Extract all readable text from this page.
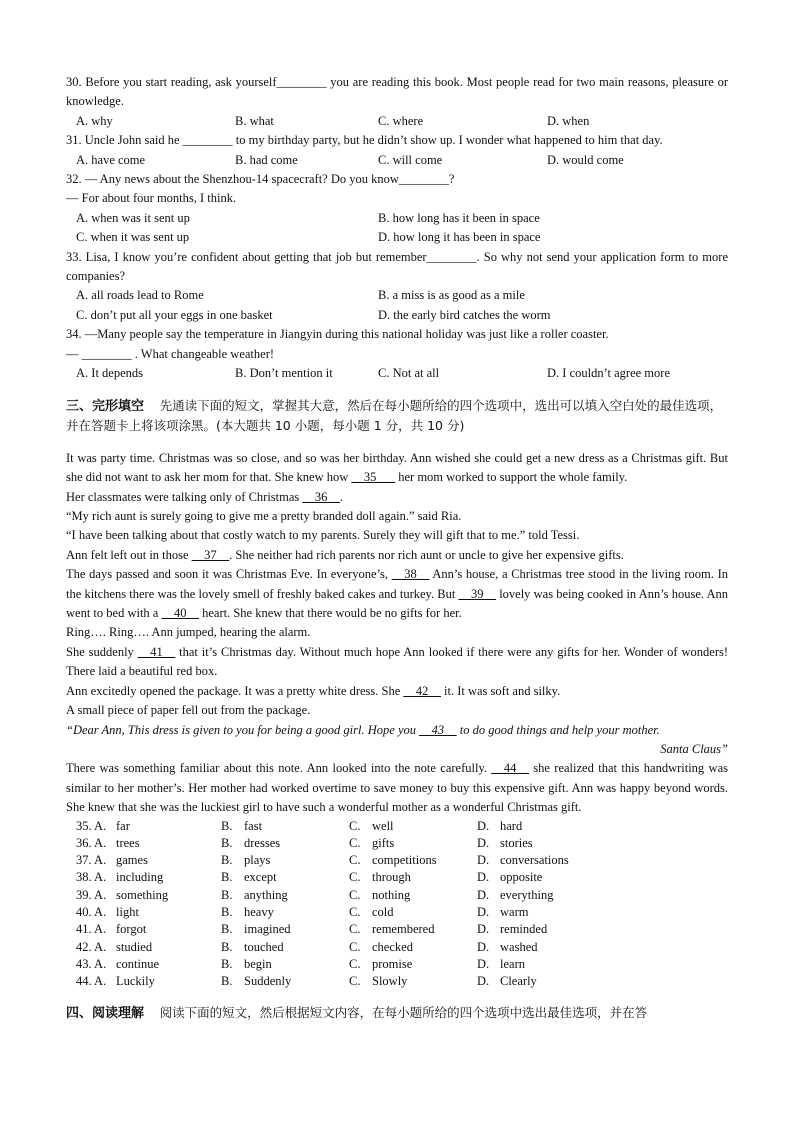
30. Before you start reading, ask yourself________ you are reading this book. Most people read for two main reasons, pleasure or knowledge.

A. why	B. what	C. where	D. when

31. Uncle John said he ________ to my birthday party, but he didn’t show up. I wonder what happened to him that day.

A. have come	B. had come	C. will come	D. would come

32. — Any news about the Shenzhou-14 spacecraft? Do you know________?

— For about four months, I think.

A. when was it sent up	B. how long has it been in space
C. when it was sent up	D. how long it has been in space

33. Lisa, I know you’re confident about getting that job but remember________. So why not send your application form to more companies?

A. all roads lead to Rome	B. a miss is as good as a mile
C. don’t put all your eggs in one basket	D. the early bird catches the worm

34. —Many people say the temperature in Jiangyin during this national holiday was just like a roller coaster.

— ________ . What changeable weather!

A. It depends	B. Don’t mention it	C. Not at all	D. I couldn’t agree more

三、完形填空 先通读下面的短文，掌握其大意，然后在每小题所给的四个选项中，选出可以填入空白处的最佳选项，并在答题卡上将该项涂黑。(本大题共 10 小题，每小题 1 分，共 10 分)

It was party time. Christmas was so close, and so was her birthday. Ann wished she could get a new dress as a Christmas gift. But she did not want to ask her mom for that. She knew how __35___ her mom worked to support the whole family.

Her classmates were talking only of Christmas __36__.

“My rich aunt is surely going to give me a pretty branded doll again.” said Ria.

“I have been talking about that costly watch to my parents. Surely they will gift that to me.” told Tessi.

Ann felt left out in those __37__. She neither had rich parents nor rich aunt or uncle to give her expensive gifts.

The days passed and soon it was Christmas Eve. In everyone’s, __38__ Ann’s house, a Christmas tree stood in the living room. In the kitchens there was the lovely smell of freshly baked cakes and turkey. But __39__ lovely was being cooked in Ann’s house. Ann went to bed with a __40__ heart. She knew that there would be no gifts for her.

Ring…. Ring…. Ann jumped, hearing the alarm.

She suddenly __41__ that it’s Christmas day. Without much hope Ann looked if there were any gifts for her. Wonder of wonders! There laid a beautiful red box.

Ann excitedly opened the package. It was a pretty white dress. She __42__ it. It was soft and silky.

A small piece of paper fell out from the package.

“Dear Ann, This dress is given to you for being a good girl. Hope you __43__ to do good things and help your mother.

Santa Claus”

There was something familiar about this note. Ann looked into the note carefully. __44__ she realized that this handwriting was similar to her mother’s. Her mother had worked overtime to save money to buy this expensive gift. Ann was happy beyond words. She knew that she was the luckiest girl to have such a wonderful mother as a wonderful Christmas gift.

35. A.	far	B.	fast	C.	well	D.	hard
36. A.	trees	B.	dresses	C.	gifts	D.	stories
37. A.	games	B.	plays	C.	competitions	D.	conversations
38. A.	including	B.	except	C.	through	D.	opposite
39. A.	something	B.	anything	C.	nothing	D.	everything
40. A.	light	B.	heavy	C.	cold	D.	warm
41. A.	forgot	B.	imagined	C.	remembered	D.	reminded
42. A.	studied	B.	touched	C.	checked	D.	washed
43. A.	continue	B.	begin	C.	promise	D.	learn
44. A.	Luckily	B.	Suddenly	C.	Slowly	D.	Clearly

四、阅读理解 阅读下面的短文，然后根据短文内容，在每小题所给的四个选项中选出最佳选项，并在答
